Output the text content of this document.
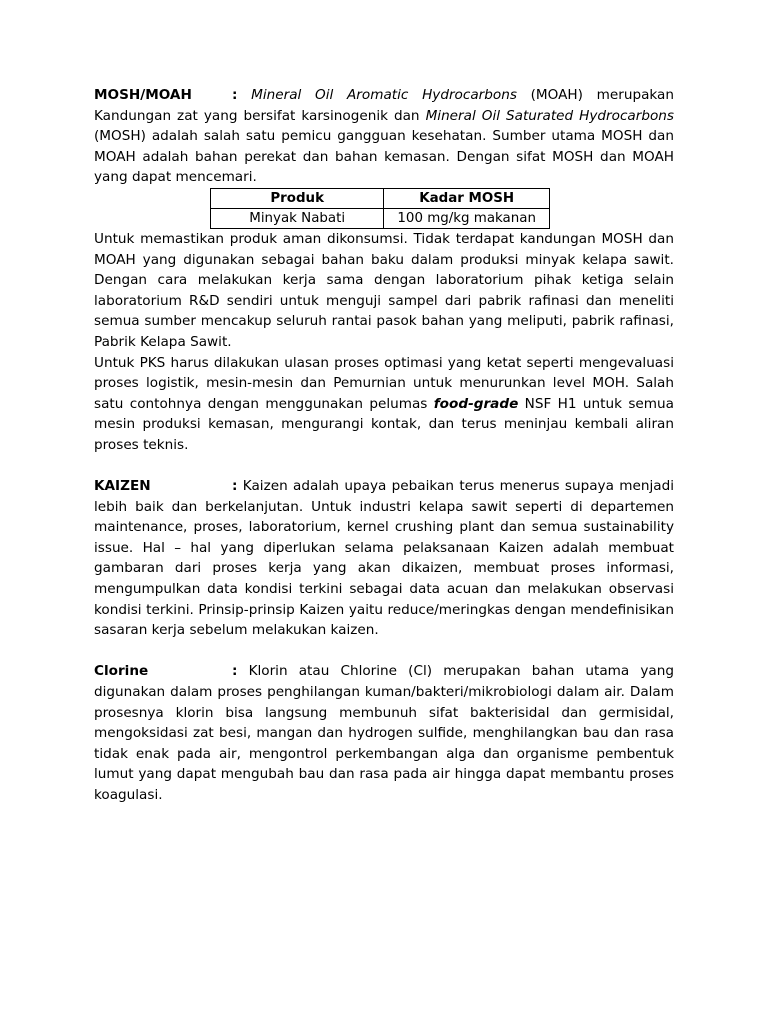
MOSH/MOAH	: Mineral Oil Aromatic Hydrocarbons (MOAH) merupakan Kandungan zat yang bersifat karsinogenik dan Mineral Oil Saturated Hydrocarbons (MOSH) adalah salah satu pemicu gangguan kesehatan. Sumber utama MOSH dan MOAH adalah bahan perekat dan bahan kemasan. Dengan sifat MOSH dan MOAH yang dapat mencemari.

Produk	Kadar MOSH
Minyak Nabati	100 mg/kg makanan

Untuk memastikan produk aman dikonsumsi. Tidak terdapat kandungan MOSH dan MOAH yang digunakan sebagai bahan baku dalam produksi minyak kelapa sawit. Dengan cara melakukan kerja sama dengan laboratorium pihak ketiga selain laboratorium R&D sendiri untuk menguji sampel dari pabrik rafinasi dan meneliti semua sumber mencakup seluruh rantai pasok bahan yang meliputi, pabrik rafinasi, Pabrik Kelapa Sawit.

Untuk PKS harus dilakukan ulasan proses optimasi yang ketat seperti mengevaluasi proses logistik, mesin-mesin dan Pemurnian untuk menurunkan level MOH. Salah satu contohnya dengan menggunakan pelumas food-grade NSF H1 untuk semua mesin produksi kemasan, mengurangi kontak, dan terus meninjau kembali aliran proses teknis.

KAIZEN	: Kaizen adalah upaya pebaikan terus menerus supaya menjadi lebih baik dan berkelanjutan. Untuk industri kelapa sawit seperti di departemen maintenance, proses, laboratorium, kernel crushing plant dan semua sustainability issue. Hal – hal yang diperlukan selama pelaksanaan Kaizen adalah membuat gambaran dari proses kerja yang akan dikaizen, membuat proses informasi, mengumpulkan data kondisi terkini sebagai data acuan dan melakukan observasi kondisi terkini. Prinsip-prinsip Kaizen yaitu reduce/meringkas dengan mendefinisikan sasaran kerja sebelum melakukan kaizen.

Clorine	: Klorin atau Chlorine (Cl) merupakan bahan utama yang digunakan dalam proses penghilangan kuman/bakteri/mikrobiologi dalam air. Dalam prosesnya klorin bisa langsung membunuh sifat bakterisidal dan germisidal, mengoksidasi zat besi, mangan dan hydrogen sulfide, menghilangkan bau dan rasa tidak enak pada air, mengontrol perkembangan alga dan organisme pembentuk lumut yang dapat mengubah bau dan rasa pada air hingga dapat membantu proses koagulasi.
